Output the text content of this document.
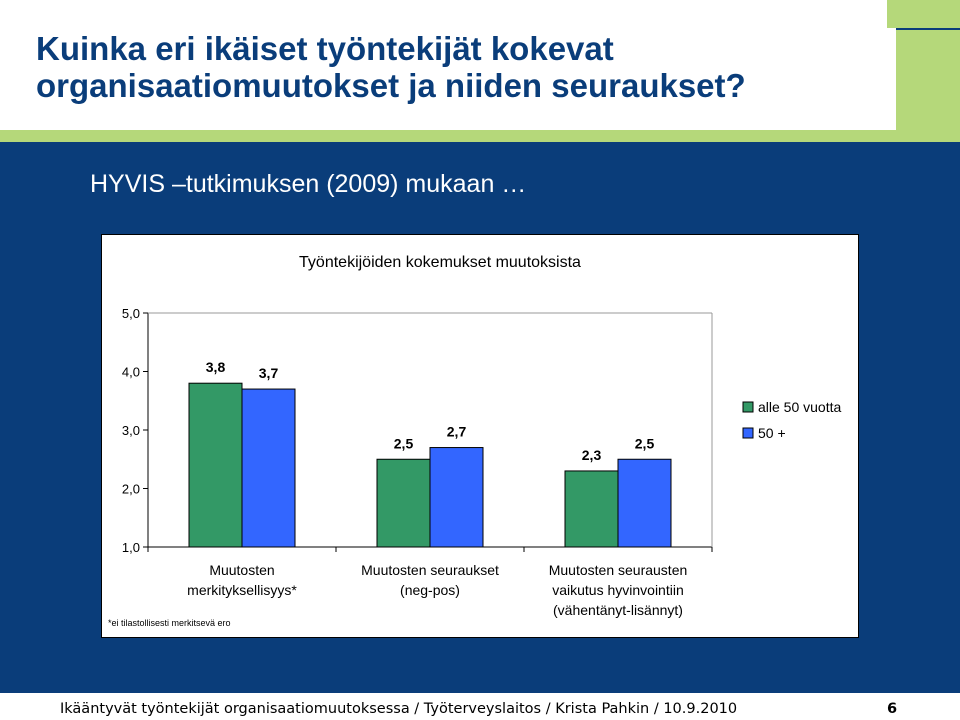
Kuinka eri ikäiset työntekijät kokevat organisaatiomuutokset ja niiden seuraukset?
HYVIS –tutkimuksen (2009) mukaan …
Työntekijöiden kokemukset muutoksista
1,0
2,0
3,0
4,0
5,0
3,8 3,7
Muutosten
merkityksellisyys*
2,5
2,7
Muutosten seuraukset
(neg-pos)
2,3
2,5
Muutosten seurausten
vaikutus hyvinvointiin
(vähentänyt-lisännyt)
*ei tilastollisesti merkitsevä ero
alle 50 vuotta
50 +
Ikääntyvät työntekijät organisaatiomuutoksessa / Työterveyslaitos / Krista Pahkin / 10.9.2010	6
